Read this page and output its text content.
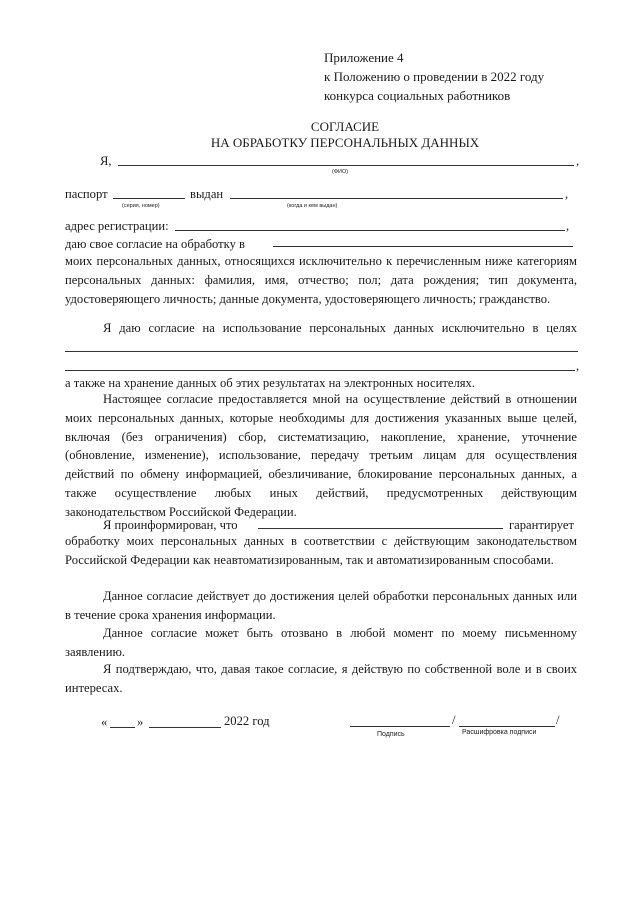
Приложение 4
к Положению о проведении в 2022 году
конкурса социальных работников
СОГЛАСИЕ
НА ОБРАБОТКУ ПЕРСОНАЛЬНЫХ ДАННЫХ
Я,	,
(ФИО)
паспорт	выдан	,
(серия, номер)	(когда и кем выдан)
адрес регистрации:	,
даю свое согласие на обработку в
моих персональных данных, относящихся исключительно к перечисленным ниже категориям персональных данных: фамилия, имя, отчество; пол; дата рождения; тип документа, удостоверяющего личность; данные документа, удостоверяющего личность; гражданство.
Я даю согласие на использование персональных данных исключительно в целях
,
а также на хранение данных об этих результатах на электронных носителях.
Настоящее согласие предоставляется мной на осуществление действий в отношении моих персональных данных, которые необходимы для достижения указанных выше целей, включая (без ограничения) сбор, систематизацию, накопление, хранение, уточнение (обновление, изменение), использование, передачу третьим лицам для осуществления действий по обмену информацией, обезличивание, блокирование персональных данных, а также осуществление любых иных действий, предусмотренных действующим законодательством Российской Федерации.
Я проинформирован, что	гарантирует
обработку моих персональных данных в соответствии с действующим законодательством Российской Федерации как неавтоматизированным, так и автоматизированным способами.
Данное согласие действует до достижения целей обработки персональных данных или в течение срока хранения информации.
Данное согласие может быть отозвано в любой момент по моему письменному заявлению.
Я подтверждаю, что, давая такое согласие, я действую по собственной воле и в своих интересах.
« »	2022 год	/	/
Подпись	Расшифровка подписи
